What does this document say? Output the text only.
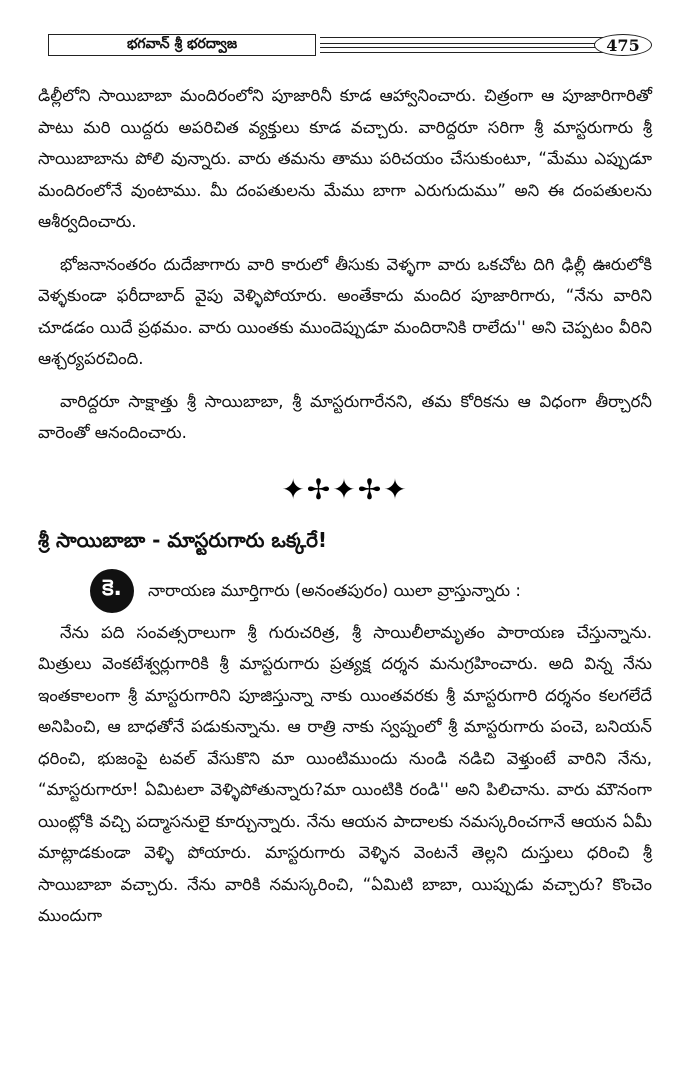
భగవాన్ శ్రీ భరద్వాజ	475

డిల్లీలోని సాయిబాబా మందిరంలోని పూజారినీ కూడ ఆహ్వానించారు. చిత్రంగా ఆ పూజారిగారితో పాటు మరి యిద్దరు అపరిచిత వ్యక్తులు కూడ వచ్చారు. వారిద్దరూ సరిగా శ్రీ మాస్టరుగారు శ్రీ సాయిబాబాను పోలి వున్నారు. వారు తమను తాము పరిచయం చేసుకుంటూ, “మేము ఎప్పుడూ మందిరంలోనే వుంటాము. మీ దంపతులను మేము బాగా ఎరుగుదుము” అని ఈ దంపతులను ఆశీర్వదించారు.

భోజనానంతరం దుదేజాగారు వారి కారులో తీసుకు వెళ్ళగా వారు ఒకచోట దిగి ఢిల్లీ ఊరులోకి వెళ్ళకుండా ఫరీదాబాద్ వైపు వెళ్ళిపోయారు. అంతేకాదు మందిర పూజారిగారు, “నేను వారిని చూడడం యిదే ప్రథమం. వారు యింతకు ముందెప్పుడూ మందిరానికి రాలేదు'' అని చెప్పటం వీరిని ఆశ్చర్యపరచింది.

వారిద్దరూ సాక్షాత్తు శ్రీ సాయిబాబా, శ్రీ మాస్టరుగారేనని, తమ కోరికను ఆ విధంగా తీర్చారనీ వారెంతో ఆనందించారు.

✦✢✦✢✦
శ్రీ సాయిబాబా - మాస్టరుగారు ఒక్కరే!
కె.	నారాయణ మూర్తిగారు (అనంతపురం) యిలా వ్రాస్తున్నారు :

నేను పది సంవత్సరాలుగా శ్రీ గురుచరిత్ర, శ్రీ సాయిలీలామృతం పారాయణ చేస్తున్నాను. మిత్రులు వెంకటేశ్వర్లుగారికి శ్రీ మాస్టరుగారు ప్రత్యక్ష దర్శన మనుగ్రహించారు. అది విన్న నేను ఇంతకాలంగా శ్రీ మాస్టరుగారిని పూజిస్తున్నా నాకు యింతవరకు శ్రీ మాస్టరుగారి దర్శనం కలగలేదే అనిపించి, ఆ బాధతోనే పడుకున్నాను. ఆ రాత్రి నాకు స్వప్నంలో శ్రీ మాస్టరుగారు పంచె, బనియన్ ధరించి, భుజంపై టవల్ వేసుకొని మా యింటిముందు నుండి నడిచి వెళ్తుంటే వారిని నేను, “మాస్టరుగారూ! ఏమిటలా వెళ్ళిపోతున్నారు?మా యింటికి రండి'' అని పిలిచాను. వారు మౌనంగా యింట్లోకి వచ్చి పద్మాసనులై కూర్చున్నారు. నేను ఆయన పాదాలకు నమస్కరించగానే ఆయన ఏమీ మాట్లాడకుండా వెళ్ళి పోయారు. మాస్టరుగారు వెళ్ళిన వెంటనే తెల్లని దుస్తులు ధరించి శ్రీ సాయిబాబా వచ్చారు. నేను వారికి నమస్కరించి, “ఏమిటి బాబా, యిప్పుడు వచ్చారు? కొంచెం ముందుగా
